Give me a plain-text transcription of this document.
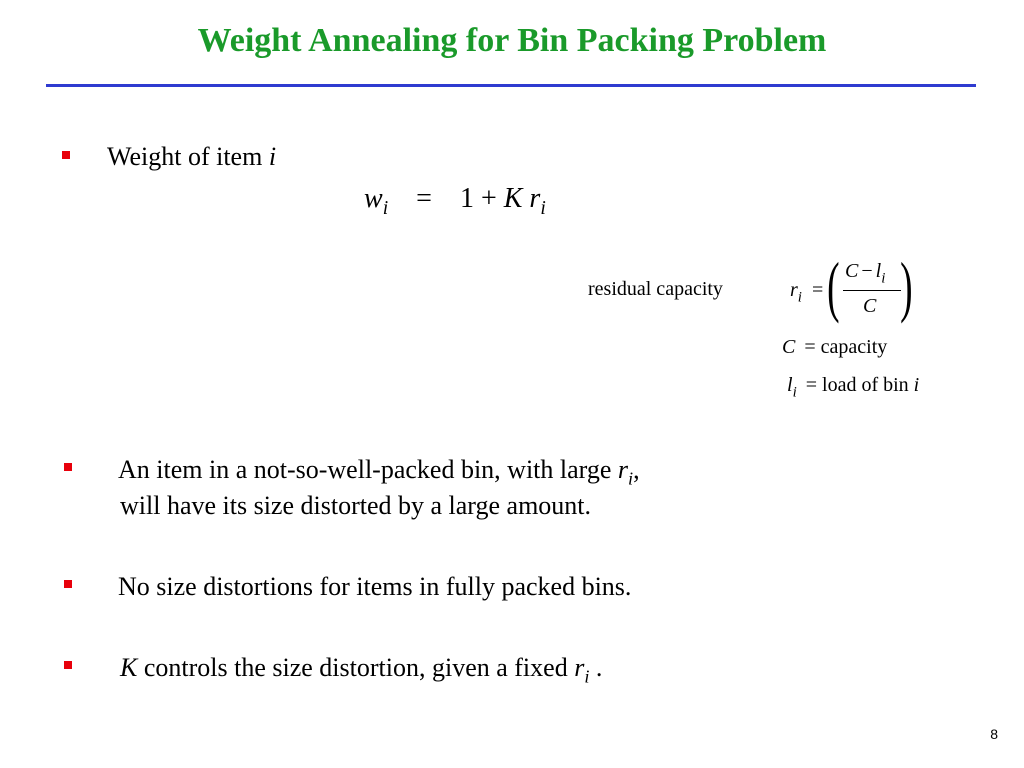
Weight Annealing for Bin Packing Problem
Weight of item i
$w_i = 1 + K$ $r_i$
residual capacity	$r_i$ = ( $C - l_i$
C )
C = capacity
$l_i$ = load of bin i
An item in a not-so-well-packed bin, with large $r_i$,
will have its size distorted by a large amount.
No size distortions for items in fully packed bins.
K controls the size distortion, given a fixed $r_i$ .
8
